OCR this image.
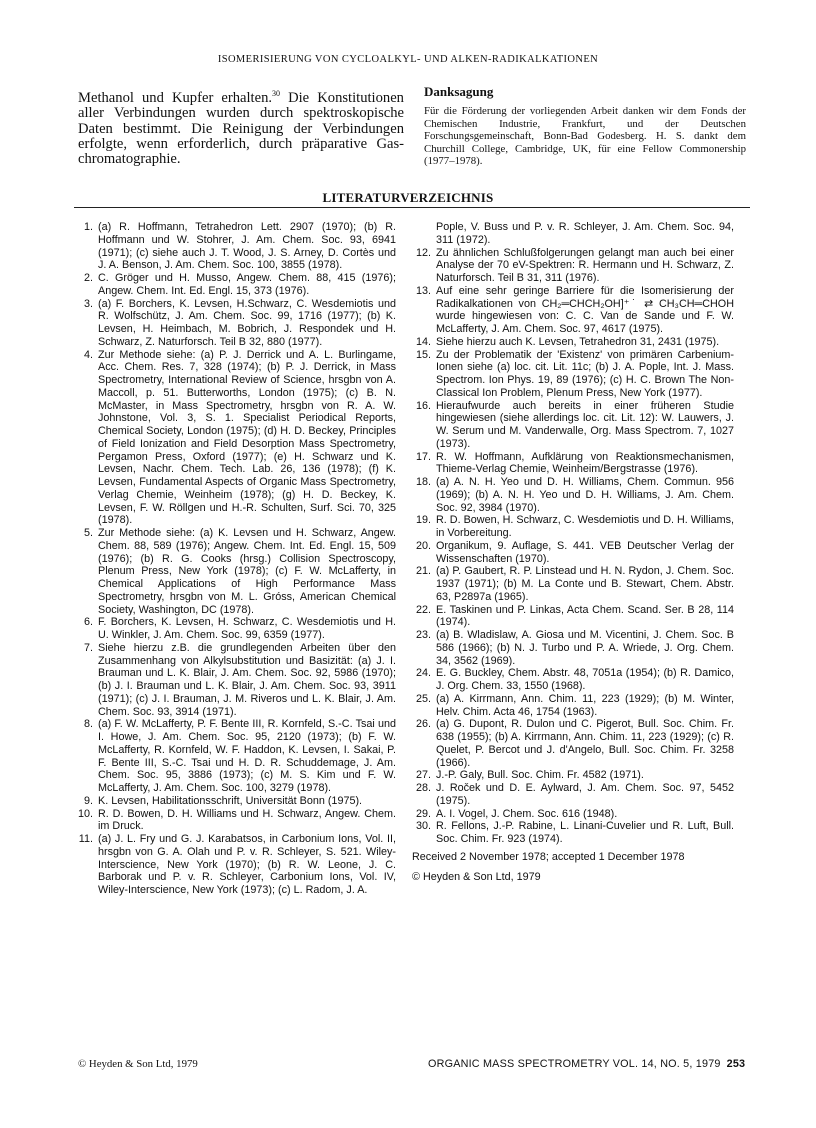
ISOMERISIERUNG VON CYCLOALKYL- UND ALKEN-RADIKALKATIONEN
Methanol und Kupfer erhalten.$^{30}$ Die Konstitutionen aller Verbindungen wurden durch spektroskopische Daten bestimmt. Die Reinigung der Verbindungen erfolgte, wenn erforderlich, durch präparative Gas-chromatographie.
Danksagung
Für die Förderung der vorliegenden Arbeit danken wir dem Fonds der Chemischen Industrie, Frankfurt, und der Deutschen Forschungsgemeinschaft, Bonn-Bad Godesberg. H. S. dankt dem Churchill College, Cambridge, UK, für eine Fellow Commonership (1977–1978).
LITERATURVERZEICHNIS
1. (a) R. Hoffmann, Tetrahedron Lett. 2907 (1970); (b) R. Hoffmann und W. Stohrer, J. Am. Chem. Soc. 93, 6941 (1971); (c) siehe auch J. T. Wood, J. S. Arney, D. Cortès und J. A. Benson, J. Am. Chem. Soc. 100, 3855 (1978).
2. C. Gröger und H. Musso, Angew. Chem. 88, 415 (1976); Angew. Chem. Int. Ed. Engl. 15, 373 (1976).
3. (a) F. Borchers, K. Levsen, H.Schwarz, C. Wesdemiotis und R. Wolfschütz, J. Am. Chem. Soc. 99, 1716 (1977); (b) K. Levsen, H. Heimbach, M. Bobrich, J. Respondek und H. Schwarz, Z. Naturforsch. Teil B 32, 880 (1977).
4. Zur Methode siehe: (a) P. J. Derrick und A. L. Burlingame, Acc. Chem. Res. 7, 328 (1974); (b) P. J. Derrick, in Mass Spectrometry, International Review of Science, hrsgbn von A. Maccoll, p. 51. Butterworths, London (1975); (c) B. N. McMaster, in Mass Spectrometry, hrsgbn von R. A. W. Johnstone, Vol. 3, S. 1. Specialist Periodical Reports, Chemical Society, London (1975); (d) H. D. Beckey, Principles of Field Ionization and Field Desorption Mass Spectrometry, Pergamon Press, Oxford (1977); (e) H. Schwarz und K. Levsen, Nachr. Chem. Tech. Lab. 26, 136 (1978); (f) K. Levsen, Fundamental Aspects of Organic Mass Spectrometry, Verlag Chemie, Weinheim (1978); (g) H. D. Beckey, K. Levsen, F. W. Röllgen und H.-R. Schulten, Surf. Sci. 70, 325 (1978).
5. Zur Methode siehe: (a) K. Levsen und H. Schwarz, Angew. Chem. 88, 589 (1976); Angew. Chem. Int. Ed. Engl. 15, 509 (1976); (b) R. G. Cooks (hrsg.) Collision Spectroscopy, Plenum Press, New York (1978); (c) F. W. McLafferty, in Chemical Applications of High Performance Mass Spectrometry, hrsgbn von M. L. Gróss, American Chemical Society, Washington, DC (1978).
6. F. Borchers, K. Levsen, H. Schwarz, C. Wesdemiotis und H. U. Winkler, J. Am. Chem. Soc. 99, 6359 (1977).
7. Siehe hierzu z.B. die grundlegenden Arbeiten über den Zusammenhang von Alkylsubstitution und Basizität: (a) J. I. Brauman und L. K. Blair, J. Am. Chem. Soc. 92, 5986 (1970); (b) J. I. Brauman und L. K. Blair, J. Am. Chem. Soc. 93, 3911 (1971); (c) J. I. Brauman, J. M. Riveros und L. K. Blair, J. Am. Chem. Soc. 93, 3914 (1971).
8. (a) F. W. McLafferty, P. F. Bente III, R. Kornfeld, S.-C. Tsai und I. Howe, J. Am. Chem. Soc. 95, 2120 (1973); (b) F. W. McLafferty, R. Kornfeld, W. F. Haddon, K. Levsen, I. Sakai, P. F. Bente III, S.-C. Tsai und H. D. R. Schuddemage, J. Am. Chem. Soc. 95, 3886 (1973); (c) M. S. Kim und F. W. McLafferty, J. Am. Chem. Soc. 100, 3279 (1978).
9. K. Levsen, Habilitationsschrift, Universität Bonn (1975).
10. R. D. Bowen, D. H. Williams und H. Schwarz, Angew. Chem. im Druck.
11. (a) J. L. Fry und G. J. Karabatsos, in Carbonium Ions, Vol. II, hrsgbn von G. A. Olah und P. v. R. Schleyer, S. 521. Wiley-Interscience, New York (1970); (b) R. W. Leone, J. C. Barborak und P. v. R. Schleyer, Carbonium Ions, Vol. IV, Wiley-Interscience, New York (1973); (c) L. Radom, J. A.
Pople, V. Buss und P. v. R. Schleyer, J. Am. Chem. Soc. 94, 311 (1972).
12. Zu ähnlichen Schlußfolgerungen gelangt man auch bei einer Analyse der 70 eV-Spektren: R. Hermann und H. Schwarz, Z. Naturforsch. Teil B 31, 311 (1976).
13. Auf eine sehr geringe Barriere für die Isomerisierung der Radikalkationen von CH₂═CHCH₂OH]⁺˙ ⇄ CH₃CH═CHOH wurde hingewiesen von: C. C. Van de Sande und F. W. McLafferty, J. Am. Chem. Soc. 97, 4617 (1975).
14. Siehe hierzu auch K. Levsen, Tetrahedron 31, 2431 (1975).
15. Zu der Problematik der 'Existenz' von primären Carbenium-Ionen siehe (a) loc. cit. Lit. 11c; (b) J. A. Pople, Int. J. Mass. Spectrom. Ion Phys. 19, 89 (1976); (c) H. C. Brown The Non-Classical Ion Problem, Plenum Press, New York (1977).
16. Hieraufwurde auch bereits in einer früheren Studie hingewiesen (siehe allerdings loc. cit. Lit. 12): W. Lauwers, J. W. Serum und M. Vanderwalle, Org. Mass Spectrom. 7, 1027 (1973).
17. R. W. Hoffmann, Aufklärung von Reaktionsmechanismen, Thieme-Verlag Chemie, Weinheim/Bergstrasse (1976).
18. (a) A. N. H. Yeo und D. H. Williams, Chem. Commun. 956 (1969); (b) A. N. H. Yeo und D. H. Williams, J. Am. Chem. Soc. 92, 3984 (1970).
19. R. D. Bowen, H. Schwarz, C. Wesdemiotis und D. H. Williams, in Vorbereitung.
20. Organikum, 9. Auflage, S. 441. VEB Deutscher Verlag der Wissenschaften (1970).
21. (a) P. Gaubert, R. P. Linstead und H. N. Rydon, J. Chem. Soc. 1937 (1971); (b) M. La Conte und B. Stewart, Chem. Abstr. 63, P2897a (1965).
22. E. Taskinen und P. Linkas, Acta Chem. Scand. Ser. B 28, 114 (1974).
23. (a) B. Wladislaw, A. Giosa und M. Vicentini, J. Chem. Soc. B 586 (1966); (b) N. J. Turbo und P. A. Wriede, J. Org. Chem. 34, 3562 (1969).
24. E. G. Buckley, Chem. Abstr. 48, 7051a (1954); (b) R. Damico, J. Org. Chem. 33, 1550 (1968).
25. (a) A. Kirrmann, Ann. Chim. 11, 223 (1929); (b) M. Winter, Helv. Chim. Acta 46, 1754 (1963).
26. (a) G. Dupont, R. Dulon und C. Pigerot, Bull. Soc. Chim. Fr. 638 (1955); (b) A. Kirrmann, Ann. Chim. 11, 223 (1929); (c) R. Quelet, P. Bercot und J. d'Angelo, Bull. Soc. Chim. Fr. 3258 (1966).
27. J.-P. Galy, Bull. Soc. Chim. Fr. 4582 (1971).
28. J. Roček und D. E. Aylward, J. Am. Chem. Soc. 97, 5452 (1975).
29. A. I. Vogel, J. Chem. Soc. 616 (1948).
30. R. Fellons, J.-P. Rabine, L. Linani-Cuvelier und R. Luft, Bull. Soc. Chim. Fr. 923 (1974).
Received 2 November 1978; accepted 1 December 1978
© Heyden & Son Ltd, 1979
© Heyden & Son Ltd, 1979	ORGANIC MASS SPECTROMETRY VOL. 14, NO. 5, 1979 253
